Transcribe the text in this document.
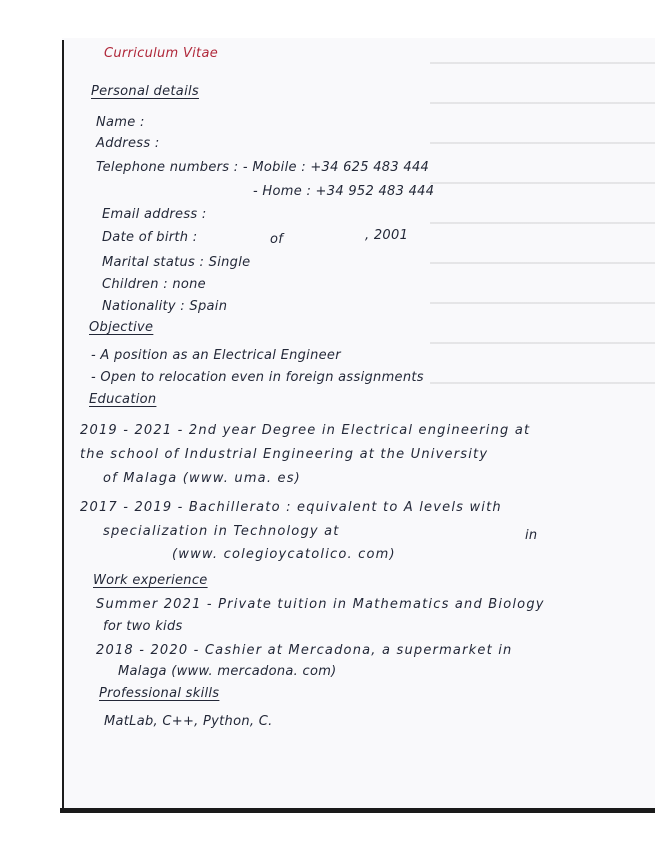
Curriculum Vitae
Personal details
Name :
Address :
Telephone numbers : - Mobile : +34 625 483 444
- Home : +34 952 483 444
Email address :
Date of birth :	of	, 2001
Marital status : Single
Children : none
Nationality : Spain
Objective
- A position as an Electrical Engineer
- Open to relocation even in foreign assignments
Education
2019 - 2021 - 2nd year Degree in Electrical engineering at
the school of Industrial Engineering at the University
of Malaga (www. uma. es)
2017 - 2019 - Bachillerato : equivalent to A levels with
specialization in Technology at	in
(www. colegioycatolico. com)
Work experience
Summer 2021 - Private tuition in Mathematics and Biology
for two kids
2018 - 2020 - Cashier at Mercadona, a supermarket in
Malaga (www. mercadona. com)
Professional skills
MatLab, C++, Python, C.
